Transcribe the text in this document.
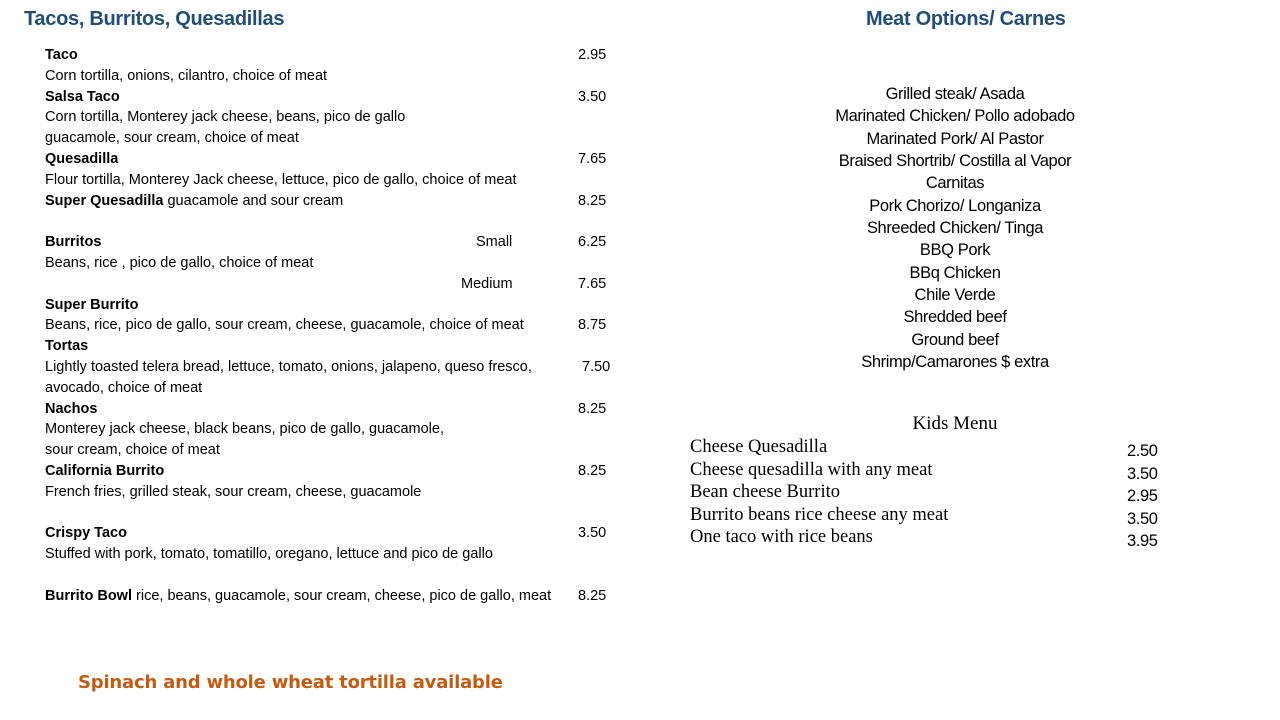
Tacos, Burritos, Quesadillas	Meat Options/ Carnes
Taco	2.95
Corn tortilla, onions, cilantro, choice of meat
Salsa Taco	3.50
Corn tortilla, Monterey jack cheese, beans, pico de gallo
guacamole, sour cream, choice of meat
Quesadilla	7.65
Flour tortilla, Monterey Jack cheese, lettuce, pico de gallo, choice of meat
Super Quesadilla guacamole and sour cream	8.25
Burritos	Small	6.25
Beans, rice , pico de gallo, choice of meat
Medium	7.65
Super Burrito
Beans, rice, pico de gallo, sour cream, cheese, guacamole, choice of meat	8.75
Tortas
Lightly toasted telera bread, lettuce, tomato, onions, jalapeno, queso fresco,	7.50
avocado, choice of meat
Nachos	8.25
Monterey jack cheese, black beans, pico de gallo, guacamole,
sour cream, choice of meat
California Burrito	8.25
French fries, grilled steak, sour cream, cheese, guacamole
Crispy Taco	3.50
Stuffed with pork, tomato, tomatillo, oregano, lettuce and pico de gallo
Burrito Bowl rice, beans, guacamole, sour cream, cheese, pico de gallo, meat 8.25
Grilled steak/ Asada
Marinated Chicken/ Pollo adobado
Marinated Pork/ Al Pastor
Braised Shortrib/ Costilla al Vapor
Carnitas
Pork Chorizo/ Longaniza
Shreeded Chicken/ Tinga
BBQ Pork
BBq Chicken
Chile Verde
Shredded beef
Ground beef
Shrimp/Camarones $ extra
Kids Menu
Cheese Quesadilla	2.50
Cheese quesadilla with any meat	3.50
Bean cheese Burrito	2.95
Burrito beans rice cheese any meat	3.50
One taco with rice beans	3.95

Spinach and whole wheat tortilla available
